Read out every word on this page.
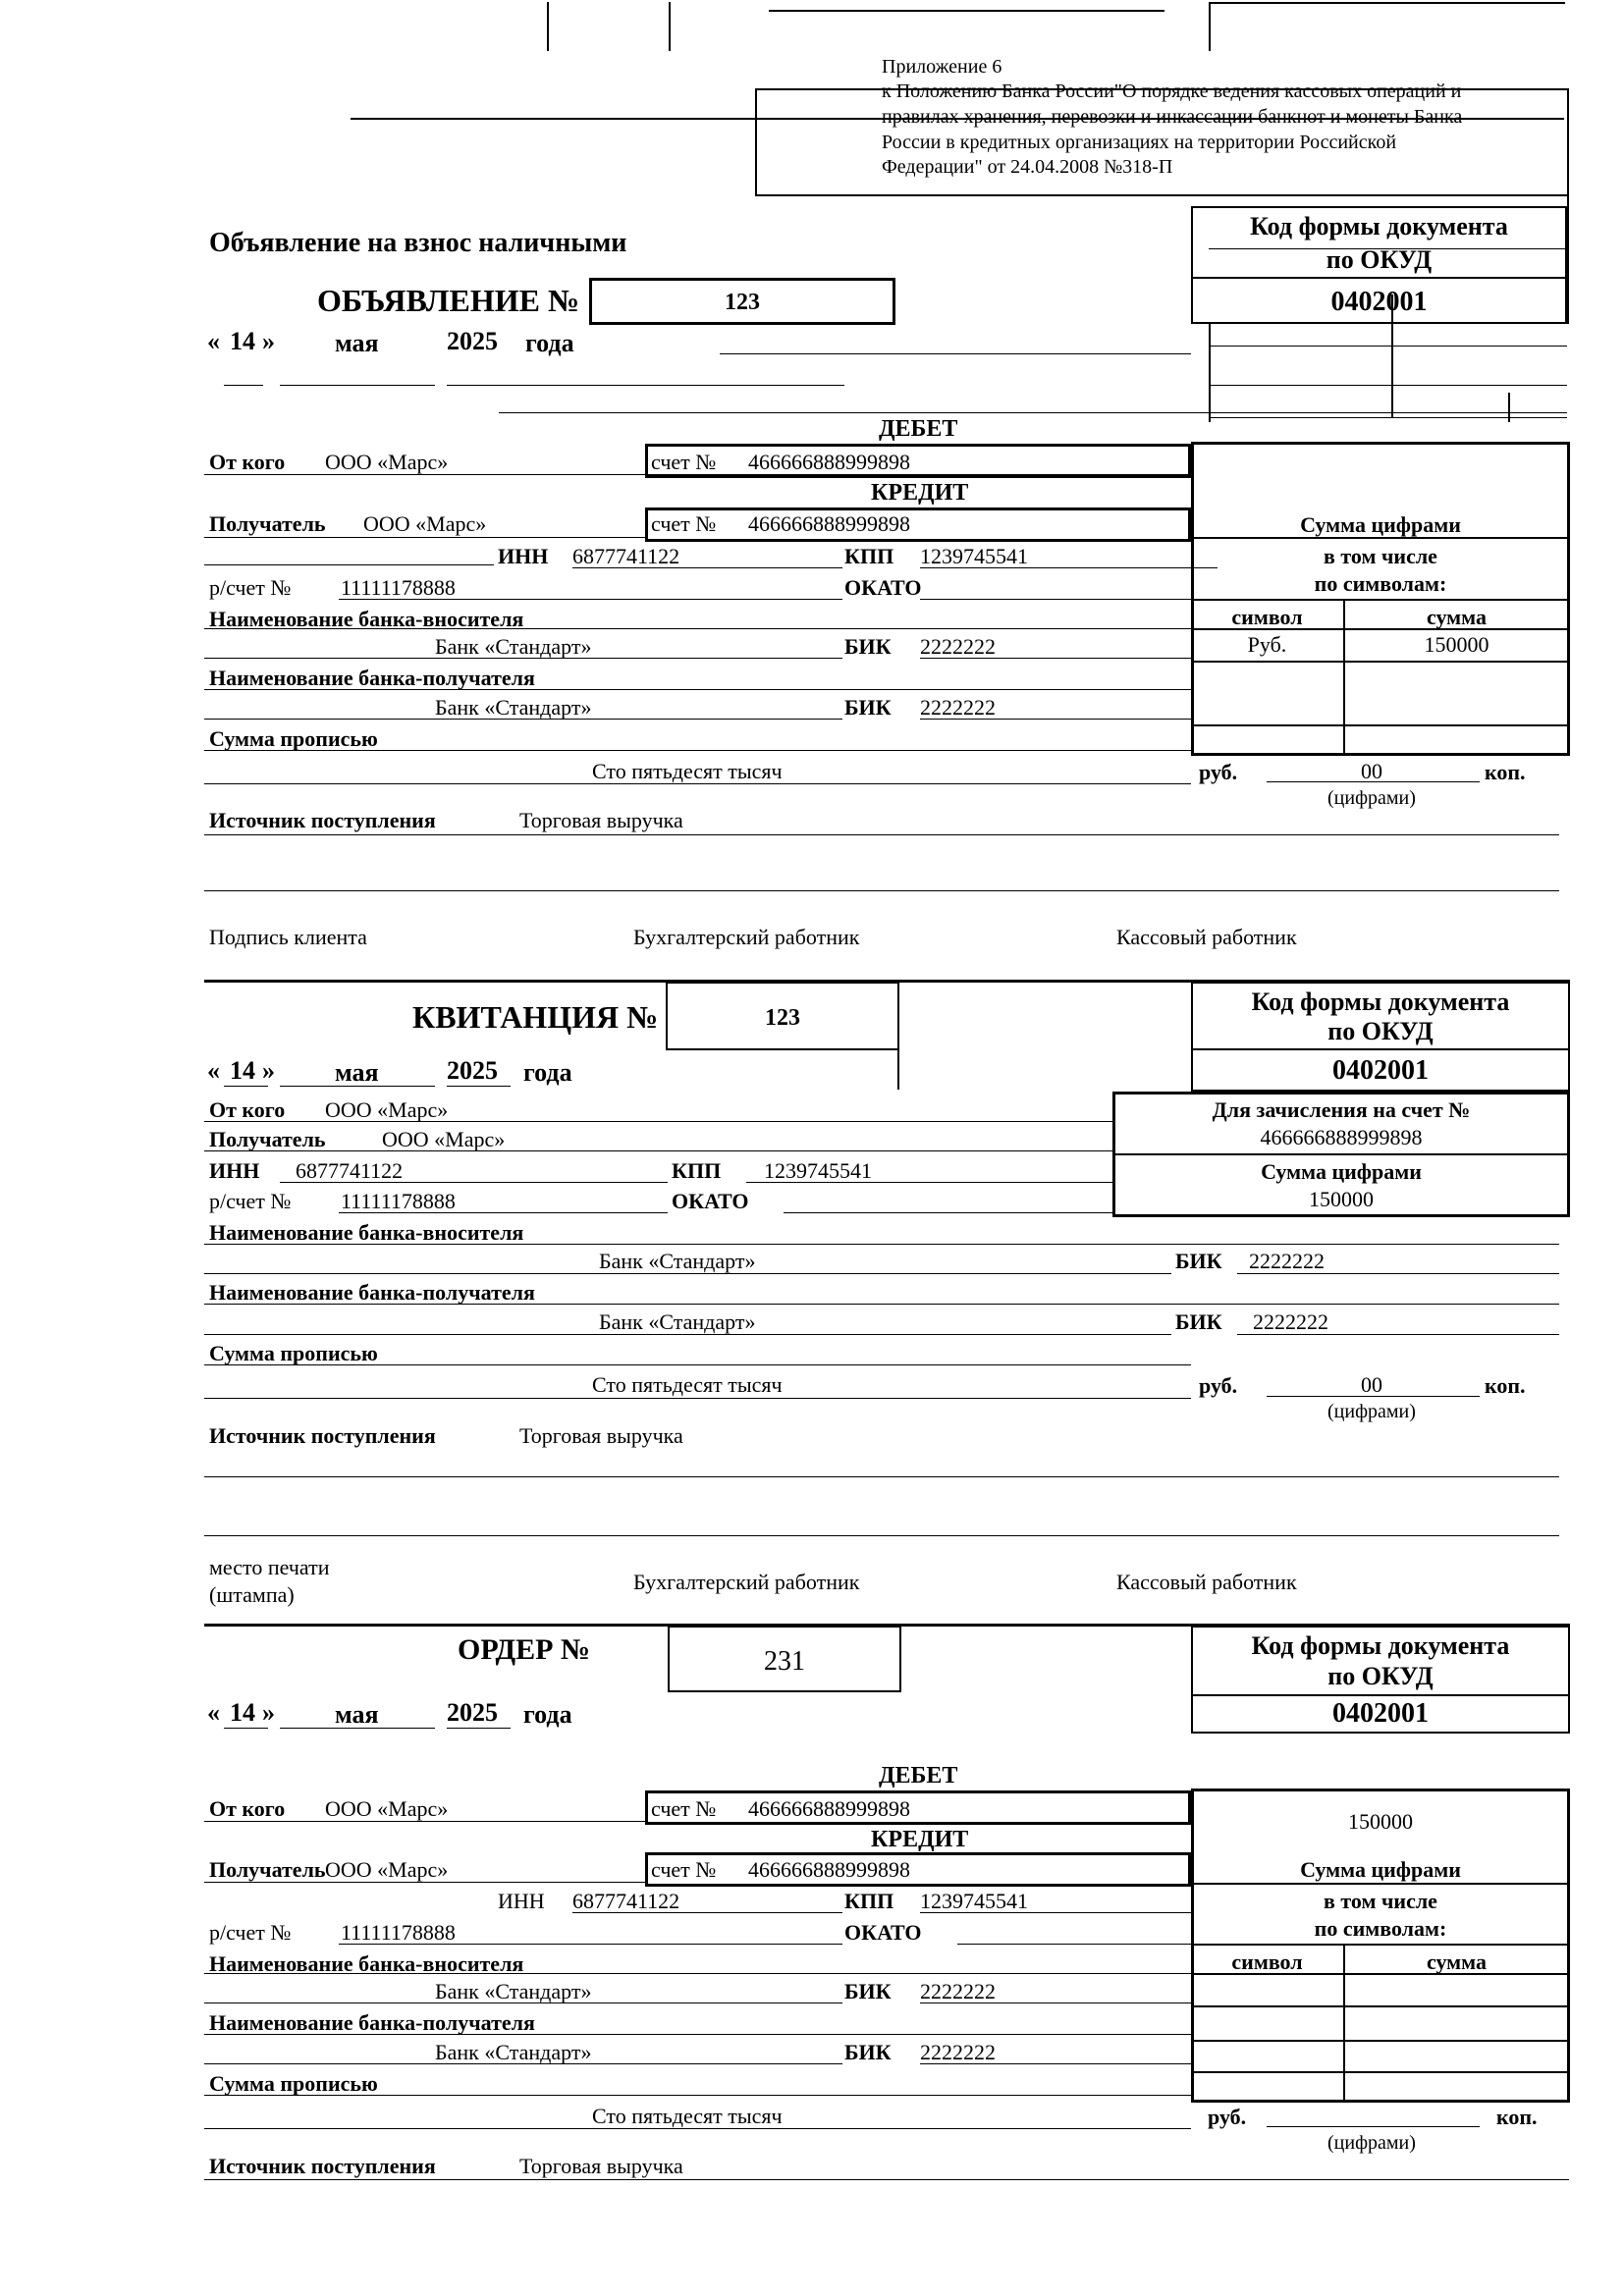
Приложение 6
к Положению Банка России"О порядке ведения кассовых операций и
правилах хранения, перевозки и инкассации банкнот и монеты Банка
России в кредитных организациях на территории Российской
Федерации" от 24.04.2008 №318-П
Объявление на взнос наличными
Код формы документа
по ОКУД
0402001
ОБЪЯВЛЕНИЕ №	123
« 14 » мая	2025 года
ДЕБЕТ
От кого ООО «Марс»	счет № 466666888999898
КРЕДИТ
Получатель ООО «Марс»	счет № 466666888999898	Сумма цифрами
в том числе
по символам:
символ	сумма
Руб.	150000
ИНН 6877741122	КПП 1239745541
р/счет № 11111178888	ОКАТО
Наименование банка-вносителя
Банк «Стандарт»	БИК 2222222
Наименование банка-получателя
Банк «Стандарт»	БИК 2222222
Сумма прописью
Сто пятьдесят тысяч	руб.	00	коп.
(цифрами)
Источник поступления	Торговая выручка
Подпись клиента	Бухгалтерский работник	Кассовый работник
КВИТАНЦИЯ №	123
Код формы документа
по ОКУД
0402001
« 14 » мая	2025 года
Для зачисления на счет №
466666888999898
Сумма цифрами
150000
От кого ООО «Марс»
Получатель	ООО «Марс»
ИНН 6877741122	КПП 1239745541
р/счет № 11111178888	ОКАТО
Наименование банка-вносителя
Банк «Стандарт»	БИК 2222222
Наименование банка-получателя
Банк «Стандарт»	БИК 2222222
Сумма прописью
Сто пятьдесят тысяч	руб.	00	коп.
(цифрами)
Источник поступления	Торговая выручка
место печати
(штампа)
Бухгалтерский работник	Кассовый работник
ОРДЕР №	231
Код формы документа
по ОКУД
0402001
« 14 » мая	2025 года
ДЕБЕТ
От кого ООО «Марс»	счет № 466666888999898
КРЕДИТ
Получатель ООО «Марс»	счет № 466666888999898
150000
Сумма цифрами
в том числе
по символам:
символ	сумма
ИНН 6877741122	КПП 1239745541
р/счет № 11111178888	ОКАТО
Наименование банка-вносителя
Банк «Стандарт»	БИК 2222222
Наименование банка-получателя
Банк «Стандарт»	БИК 2222222
Сумма прописью
Сто пятьдесят тысяч	руб.	коп.
(цифрами)
Источник поступления	Торговая выручка
